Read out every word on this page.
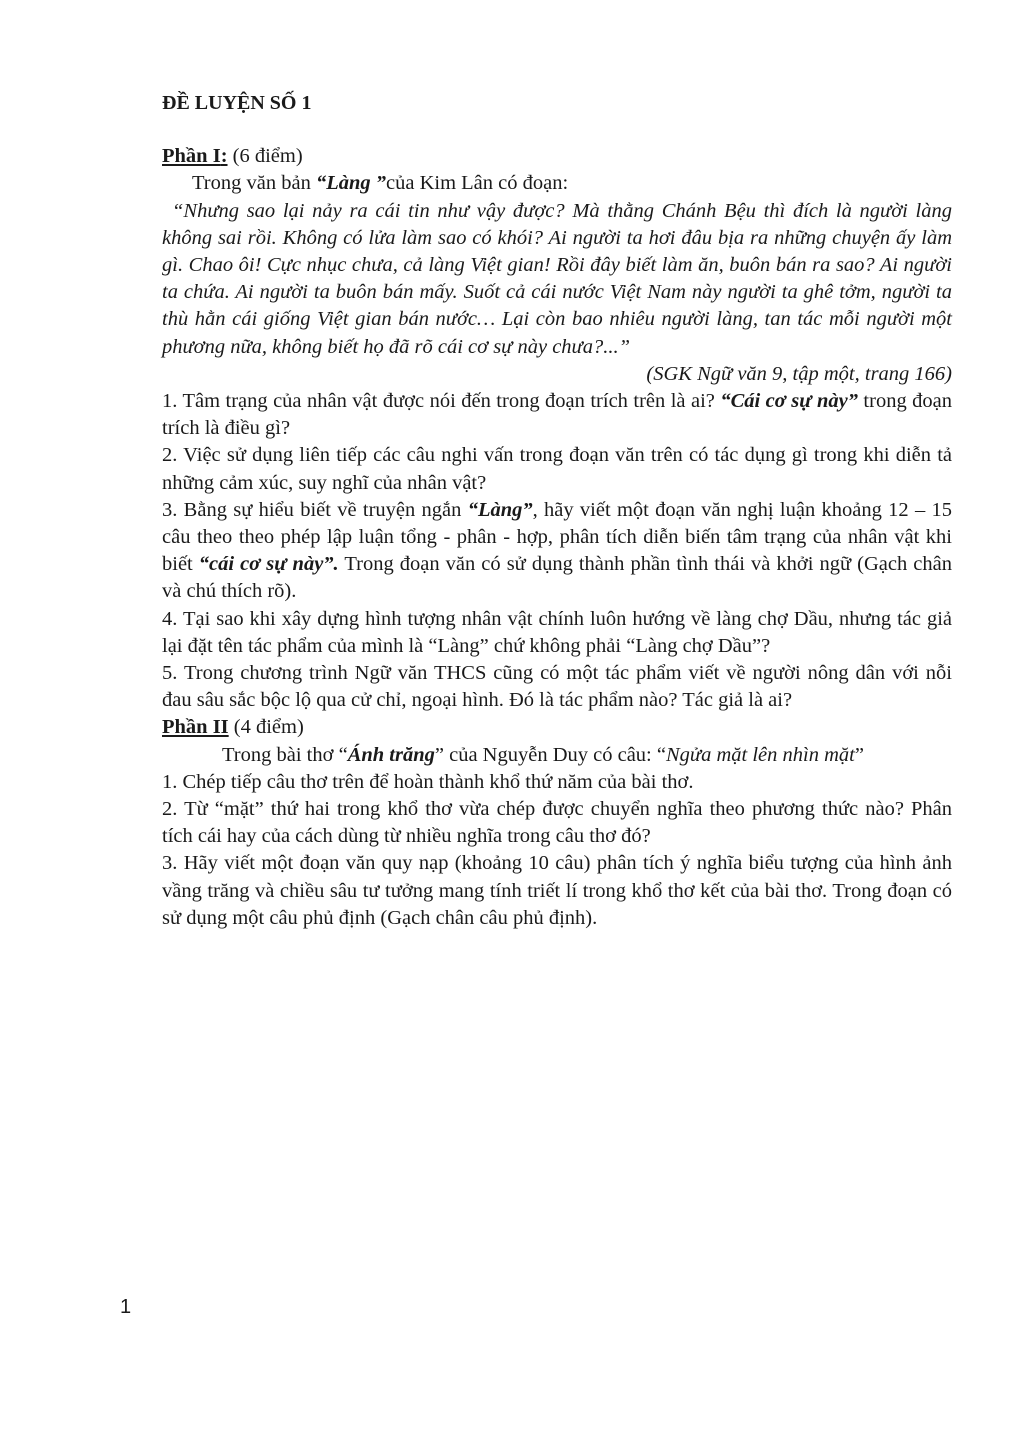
ĐỀ LUYỆN SỐ 1

Phần I: (6 điểm)

Trong văn bản “Làng ”của Kim Lân có đoạn:

“Nhưng sao lại nảy ra cái tin như vậy được? Mà thằng Chánh Bệu thì đích là người làng không sai rồi. Không có lửa làm sao có khói? Ai người ta hơi đâu bịa ra những chuyện ấy làm gì. Chao ôi! Cực nhục chưa, cả làng Việt gian! Rồi đây biết làm ăn, buôn bán ra sao? Ai người ta chứa. Ai người ta buôn bán mấy. Suốt cả cái nước Việt Nam này người ta ghê tởm, người ta thù hằn cái giống Việt gian bán nước… Lại còn bao nhiêu người làng, tan tác mỗi người một phương nữa, không biết họ đã rõ cái cơ sự này chưa?...”

(SGK Ngữ văn 9, tập một, trang 166)

1. Tâm trạng của nhân vật được nói đến trong đoạn trích trên là ai? “Cái cơ sự này” trong đoạn trích là điều gì?

2. Việc sử dụng liên tiếp các câu nghi vấn trong đoạn văn trên có tác dụng gì trong khi diễn tả những cảm xúc, suy nghĩ của nhân vật?

3. Bằng sự hiểu biết về truyện ngắn “Làng”, hãy viết một đoạn văn nghị luận khoảng 12 – 15 câu theo theo phép lập luận tổng - phân - hợp, phân tích diễn biến tâm trạng của nhân vật khi biết “cái cơ sự này”. Trong đoạn văn có sử dụng thành phần tình thái và khởi ngữ (Gạch chân và chú thích rõ).

4. Tại sao khi xây dựng hình tượng nhân vật chính luôn hướng về làng chợ Dầu, nhưng tác giả lại đặt tên tác phẩm của mình là “Làng” chứ không phải “Làng chợ Dầu”?

5. Trong chương trình Ngữ văn THCS cũng có một tác phẩm viết về người nông dân với nỗi đau sâu sắc bộc lộ qua cử chỉ, ngoại hình. Đó là tác phẩm nào? Tác giả là ai?

Phần II (4 điểm)

Trong bài thơ “Ánh trăng” của Nguyễn Duy có câu: “Ngửa mặt lên nhìn mặt”

1. Chép tiếp câu thơ trên để hoàn thành khổ thứ năm của bài thơ.

2. Từ “mặt” thứ hai trong khổ thơ vừa chép được chuyển nghĩa theo phương thức nào? Phân tích cái hay của cách dùng từ nhiều nghĩa trong câu thơ đó?

3. Hãy viết một đoạn văn quy nạp (khoảng 10 câu) phân tích ý nghĩa biểu tượng của hình ảnh vầng trăng và chiều sâu tư tưởng mang tính triết lí trong khổ thơ kết của bài thơ. Trong đoạn có sử dụng một câu phủ định (Gạch chân câu phủ định).

1
